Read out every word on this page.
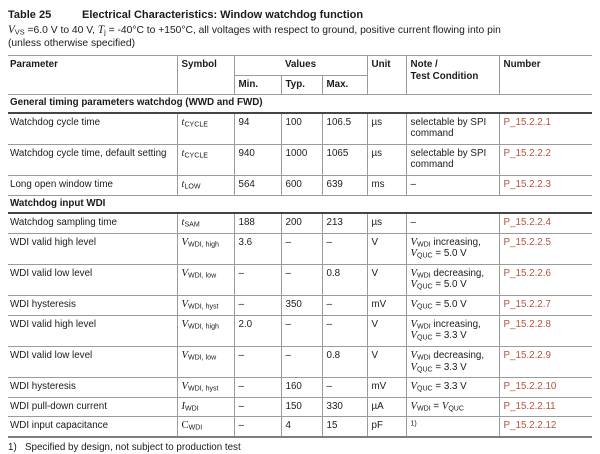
Table 25	Electrical Characteristics: Window watchdog function
$V_{VS} =6.0$ V to 40 V, $T_j = -40^\circ C$ to +150°C, all voltages with respect to ground, positive current flowing into pin
(unless otherwise specified)
Parameter	Symbol	Values			Unit	Note /
Test Condition	Number
		Min.	Typ.	Max.			
General timing parameters watchdog (WWD and FWD)							
Watchdog cycle time	$t_{CYCLE}$	94	100	106.5	µs	selectable by SPI
command	P_15.2.2.1
Watchdog cycle time, default setting	$t_{CYCLE}$	940	1000	1065	µs	selectable by SPI
command	P_15.2.2.2
Long open window time	$t_{LOW}$	564	600	639	ms	–	P_15.2.2.3
Watchdog input WDI							
Watchdog sampling time	$t_{SAM}$	188	200	213	µs	–	P_15.2.2.4
WDI valid high level	$V_{WDI, high}$	3.6	–	–	V	$V_{WDI}$ increasing,
$V_{QUC} = 5.0$ V	P_15.2.2.5
WDI valid low level	$V_{WDI, low}$	–	–	0.8	V	$V_{WDI}$ decreasing,
$V_{QUC} = 5.0$ V	P_15.2.2.6
WDI hysteresis	$V_{WDI, hyst}$	–	350	–	mV	$V_{QUC} = 5.0$ V	P_15.2.2.7
WDI valid high level	$V_{WDI, high}$	2.0	–	–	V	$V_{WDI}$ increasing,
$V_{QUC} = 3.3$ V	P_15.2.2.8
WDI valid low level	$V_{WDI, low}$	–	–	0.8	V	$V_{WDI}$ decreasing,
$V_{QUC} = 3.3$ V	P_15.2.2.9
WDI hysteresis	$V_{WDI, hyst}$	–	160	–	mV	$V_{QUC} = 3.3$ V	P_15.2.2.10
WDI pull-down current	$I_{WDI}$	–	150	330	µA	$V_{WDI} = V_{QUC}$	P_15.2.2.11
WDI input capacitance	$C_{WDI}$	–	4	15	pF	$^{1)}$	P_15.2.2.12
1) Specified by design, not subject to production test
